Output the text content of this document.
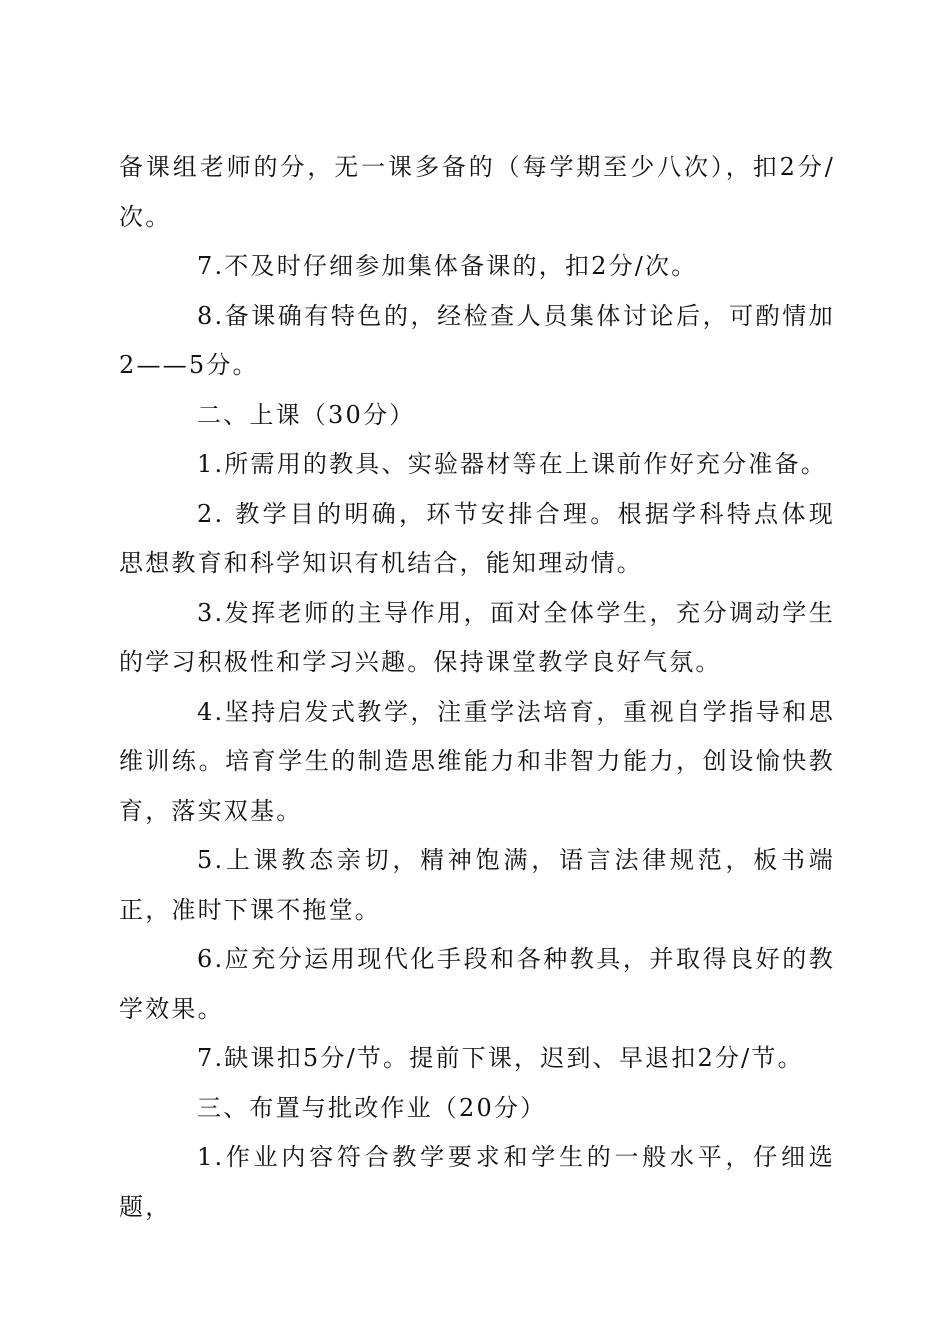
备课组老师的分，无一课多备的（每学期至少八次），扣2分/次。

7.不及时仔细参加集体备课的，扣2分/次。

8.备课确有特色的，经检查人员集体讨论后，可酌情加2——5分。

二、上课（30分）

1.所需用的教具、实验器材等在上课前作好充分准备。

2. 教学目的明确，环节安排合理。根据学科特点体现思想教育和科学知识有机结合，能知理动情。

3.发挥老师的主导作用，面对全体学生，充分调动学生的学习积极性和学习兴趣。保持课堂教学良好气氛。

4.坚持启发式教学，注重学法培育，重视自学指导和思维训练。培育学生的制造思维能力和非智力能力，创设愉快教育，落实双基。

5.上课教态亲切，精神饱满，语言法律规范，板书端正，准时下课不拖堂。

6.应充分运用现代化手段和各种教具，并取得良好的教学效果。

7.缺课扣5分/节。提前下课，迟到、早退扣2分/节。

三、布置与批改作业（20分）

1.作业内容符合教学要求和学生的一般水平，仔细选题，
